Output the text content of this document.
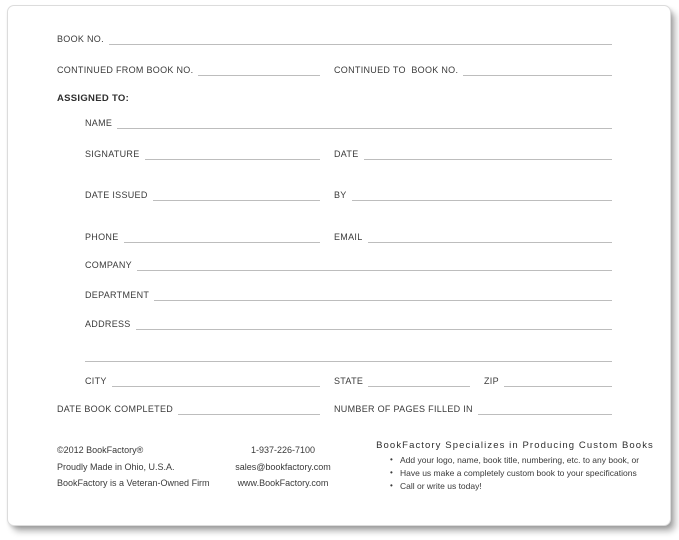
BOOK NO.
CONTINUED FROM BOOK NO.	CONTINUED TO  BOOK NO.
ASSIGNED TO:
NAME
SIGNATURE	DATE
DATE ISSUED	BY
PHONE	EMAIL
COMPANY
DEPARTMENT
ADDRESS
CITY	STATE	ZIP
DATE BOOK COMPLETED	NUMBER OF PAGES FILLED IN
©2012 BookFactory®
Proudly Made in Ohio, U.S.A.
BookFactory is a Veteran-Owned Firm
1-937-226-7100
sales@bookfactory.com
www.BookFactory.com
BookFactory Specializes in Producing Custom Books
• Add your logo, name, book title, numbering, etc. to any book, or
• Have us make a completely custom book to your specifications
• Call or write us today!
